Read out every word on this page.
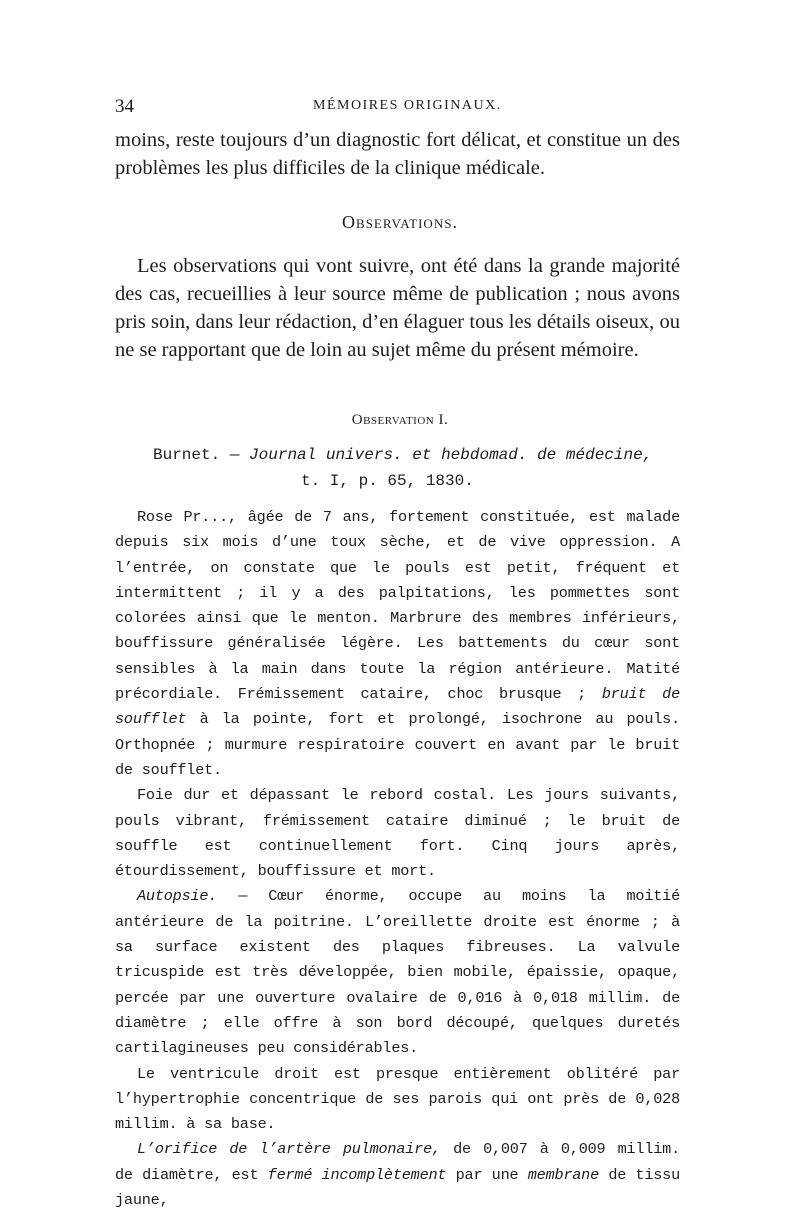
34	MÉMOIRES ORIGINAUX.

moins, reste toujours d’un diagnostic fort délicat, et constitue un des problèmes les plus difficiles de la clinique médicale.

Observations.

Les observations qui vont suivre, ont été dans la grande majorité des cas, recueillies à leur source même de publication ; nous avons pris soin, dans leur rédaction, d’en élaguer tous les détails oiseux, ou ne se rapportant que de loin au sujet même du présent mémoire.

Observation I.
Burnet. — Journal univers. et hebdomad. de médecine,
t. I, p. 65, 1830.

Rose Pr..., âgée de 7 ans, fortement constituée, est malade depuis six mois d’une toux sèche, et de vive oppression. A l’entrée, on constate que le pouls est petit, fréquent et intermittent ; il y a des palpitations, les pommettes sont colorées ainsi que le menton. Marbrure des membres inférieurs, bouffissure généralisée légère. Les battements du cœur sont sensibles à la main dans toute la région antérieure. Matité précordiale. Frémissement cataire, choc brusque ; bruit de soufflet à la pointe, fort et prolongé, isochrone au pouls. Orthopnée ; murmure respiratoire couvert en avant par le bruit de soufflet.

Foie dur et dépassant le rebord costal. Les jours suivants, pouls vibrant, frémissement cataire diminué ; le bruit de souffle est continuellement fort. Cinq jours après, étourdissement, bouffissure et mort.

Autopsie. — Cœur énorme, occupe au moins la moitié antérieure de la poitrine. L’oreillette droite est énorme ; à sa surface existent des plaques fibreuses. La valvule tricuspide est très développée, bien mobile, épaissie, opaque, percée par une ouverture ovalaire de 0,016 à 0,018 millim. de diamètre ; elle offre à son bord découpé, quelques duretés cartilagineuses peu considérables.

Le ventricule droit est presque entièrement oblitéré par l’hypertrophie concentrique de ses parois qui ont près de 0,028 millim. à sa base.

L’orifice de l’artère pulmonaire, de 0,007 à 0,009 millim. de diamètre, est fermé incomplètement par une membrane de tissu jaune,
